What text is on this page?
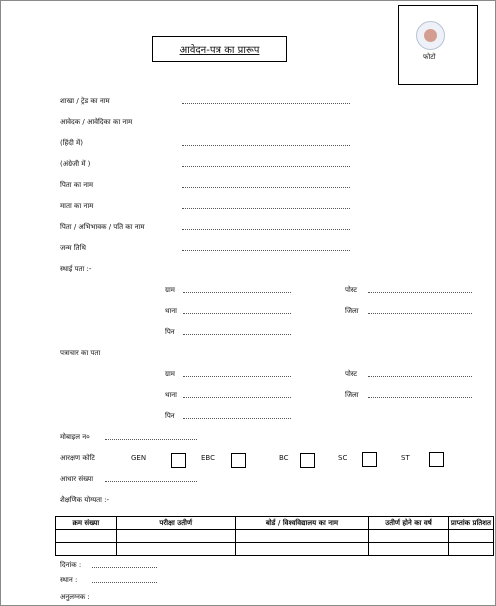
आवेदन-पत्र का प्रारूप
फोटो
शाखा / ट्रेड का नाम
आवेदक / आवेदिका का नाम
(हिंदी में)
(अंग्रेजी में )
पिता का नाम
माता का नाम
पिता / अभिभावक / पति का नाम
जन्म तिथि
स्थाई पता :-
ग्राम	पोस्ट
थाना	जिला
पिन
पत्राचार का पता
ग्राम	पोस्ट
थाना	जिला
पिन
मोबाइल न०
आरक्षण कोटि	GEN	EBC	BC	SC	ST
आधार संख्या
शैक्षणिक योग्यता :-
क्रम संख्या	परीक्षा उतीर्ण	बोर्ड / विश्वविद्यालय का नाम	उतीर्ण होने का वर्ष	प्राप्तांक प्रतिशत

दिनांक :
स्थान :
अनुलग्नक :
